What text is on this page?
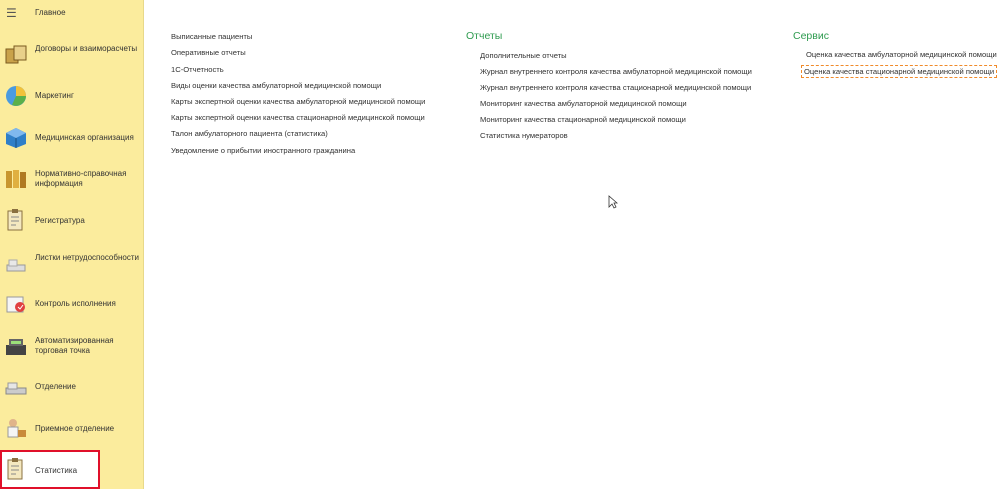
☰ Главное
Договоры и взаиморасчеты
Маркетинг
Медицинская организация
Нормативно-справочная информация
Регистратура
Листки нетрудоспособности
Контроль исполнения
Автоматизированная торговая точка
Отделение
Приемное отделение
Статистика
Выписанные пациенты
Оперативные отчеты
1С-Отчетность
Виды оценки качества амбулаторной медицинской помощи
Карты экспертной оценки качества амбулаторной медицинской помощи
Карты экспертной оценки качества стационарной медицинской помощи
Талон амбулаторного пациента (статистика)
Уведомление о прибытии иностранного гражданина
Отчеты
Дополнительные отчеты
Журнал внутреннего контроля качества амбулаторной медицинской помощи
Журнал внутреннего контроля качества стационарной медицинской помощи
Мониторинг качества амбулаторной медицинской помощи
Мониторинг качества стационарной медицинской помощи
Статистика нумераторов
Сервис
Оценка качества амбулаторной медицинской помощи
Оценка качества стационарной медицинской помощи
